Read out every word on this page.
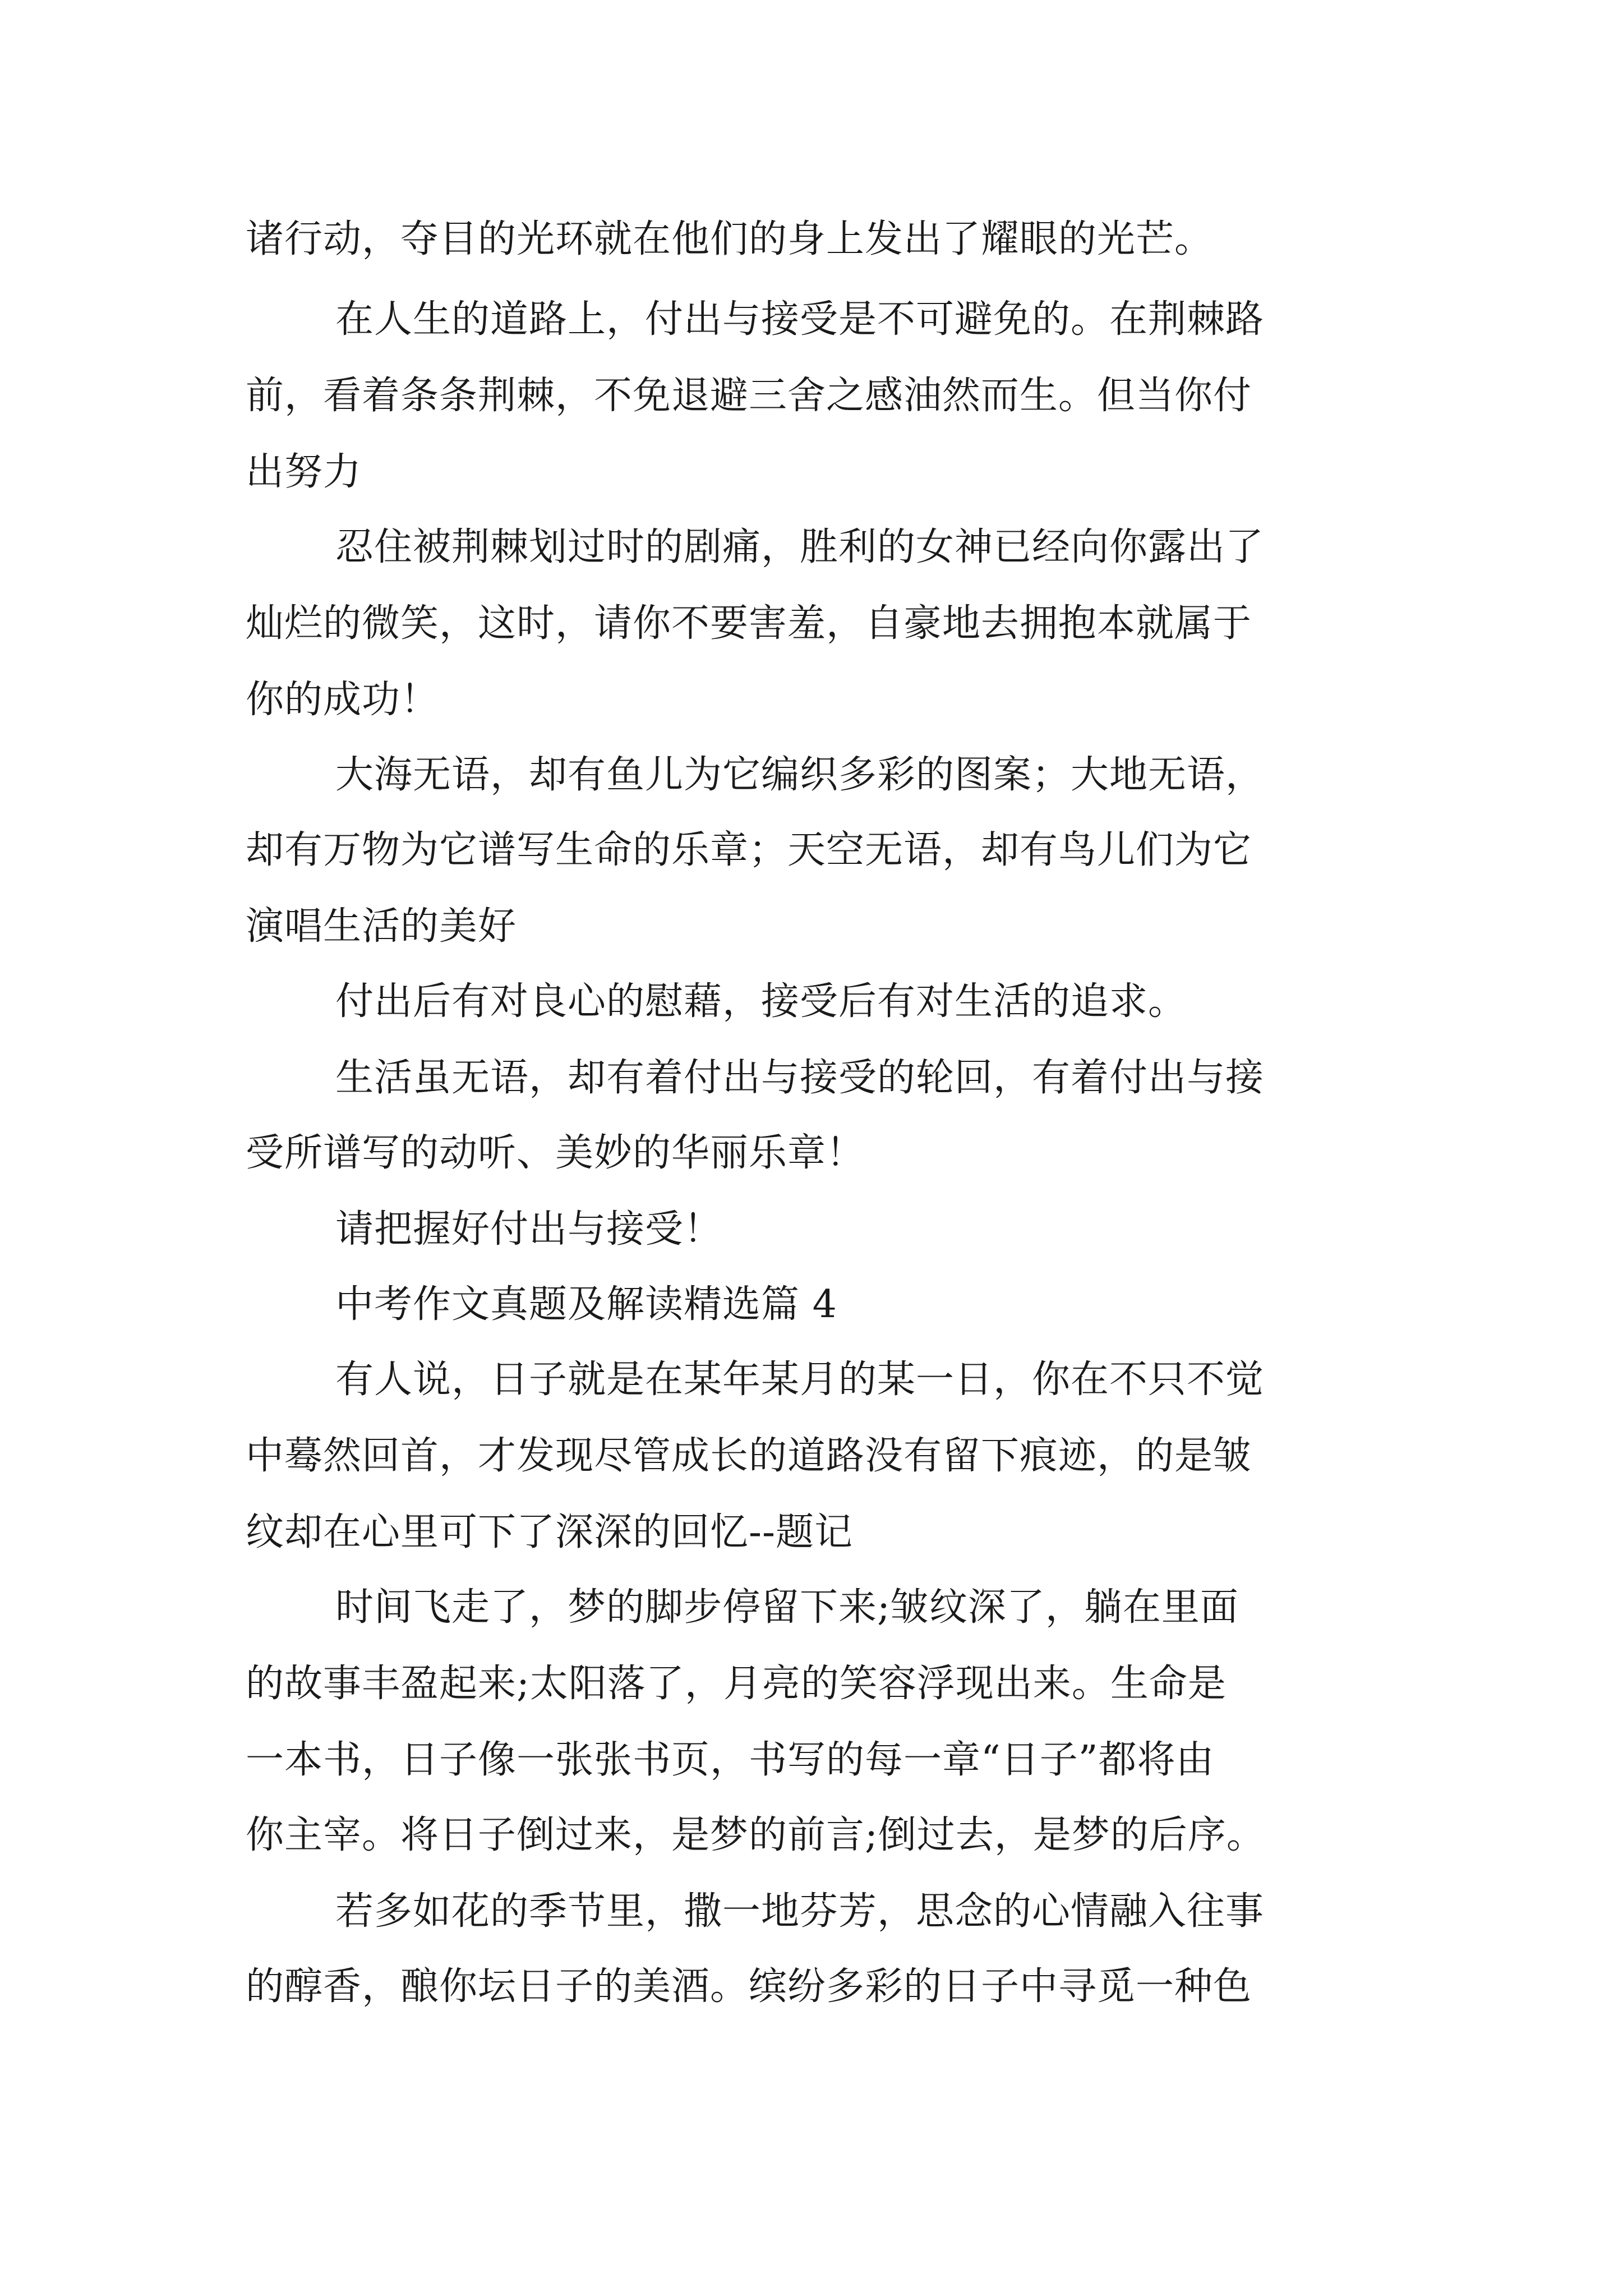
诸行动，夺目的光环就在他们的身上发出了耀眼的光芒。

在人生的道路上，付出与接受是不可避免的。在荆棘路

前，看着条条荆棘，不免退避三舍之感油然而生。但当你付

出努力

忍住被荆棘划过时的剧痛，胜利的女神已经向你露出了

灿烂的微笑，这时，请你不要害羞，自豪地去拥抱本就属于

你的成功！

大海无语，却有鱼儿为它编织多彩的图案；大地无语，

却有万物为它谱写生命的乐章；天空无语，却有鸟儿们为它

演唱生活的美好

付出后有对良心的慰藉，接受后有对生活的追求。

生活虽无语，却有着付出与接受的轮回，有着付出与接

受所谱写的动听、美妙的华丽乐章！

请把握好付出与接受！

中考作文真题及解读精选篇 4

有人说，日子就是在某年某月的某一日，你在不只不觉

中蓦然回首，才发现尽管成长的道路没有留下痕迹，的是皱

纹却在心里可下了深深的回忆--题记

时间飞走了，梦的脚步停留下来;皱纹深了，躺在里面

的故事丰盈起来;太阳落了，月亮的笑容浮现出来。生命是

一本书，日子像一张张书页，书写的每一章“日子”都将由

你主宰。将日子倒过来，是梦的前言;倒过去，是梦的后序。

若多如花的季节里，撒一地芬芳，思念的心情融入往事

的醇香，酿你坛日子的美酒。缤纷多彩的日子中寻觅一种色
